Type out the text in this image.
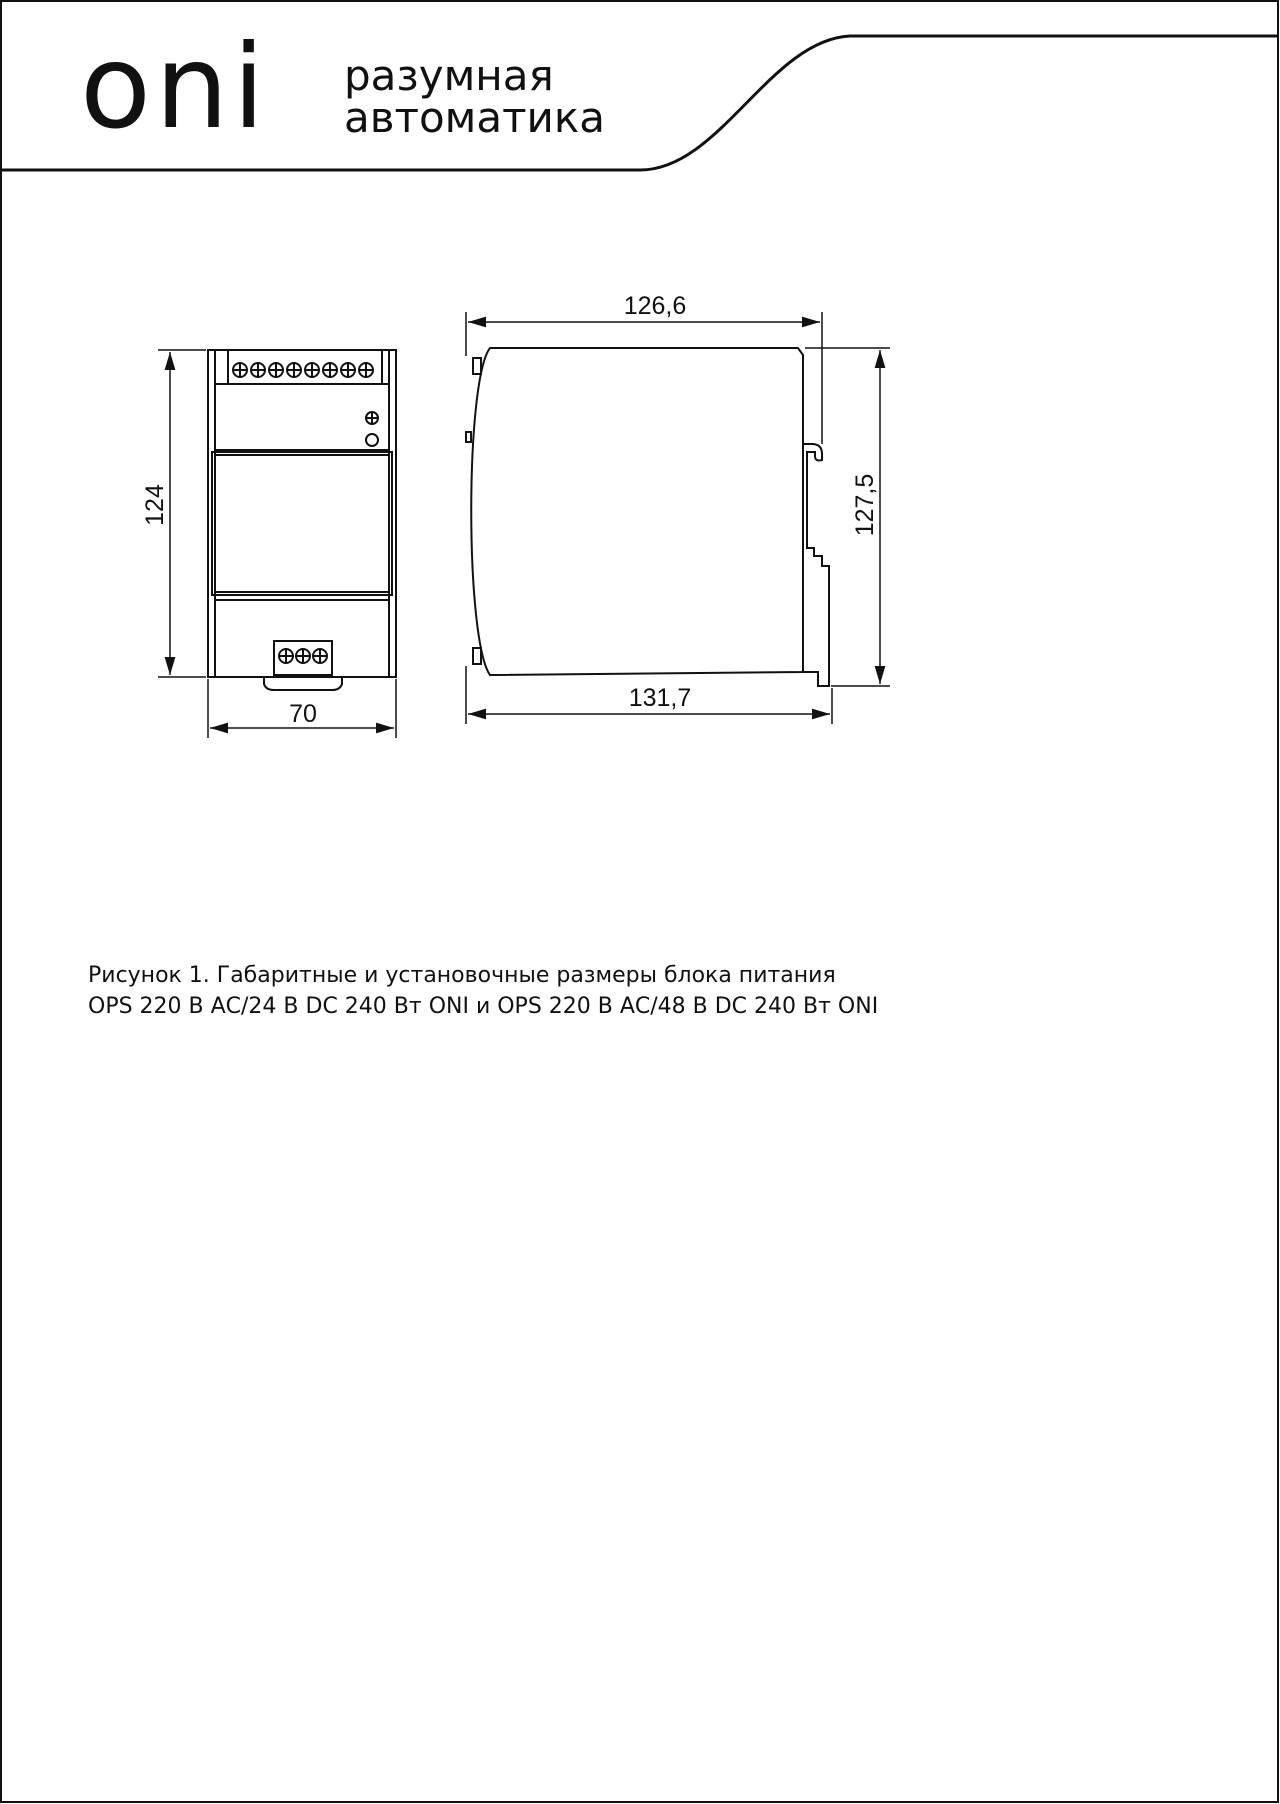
oni разумная
автоматика
124
70
126,6
131,7
127,5
Рисунок 1. Габаритные и установочные размеры блока питания
OPS 220 В АС/24 В DC 240 Вт ONI и OPS 220 В АС/48 В DC 240 Вт ONI
